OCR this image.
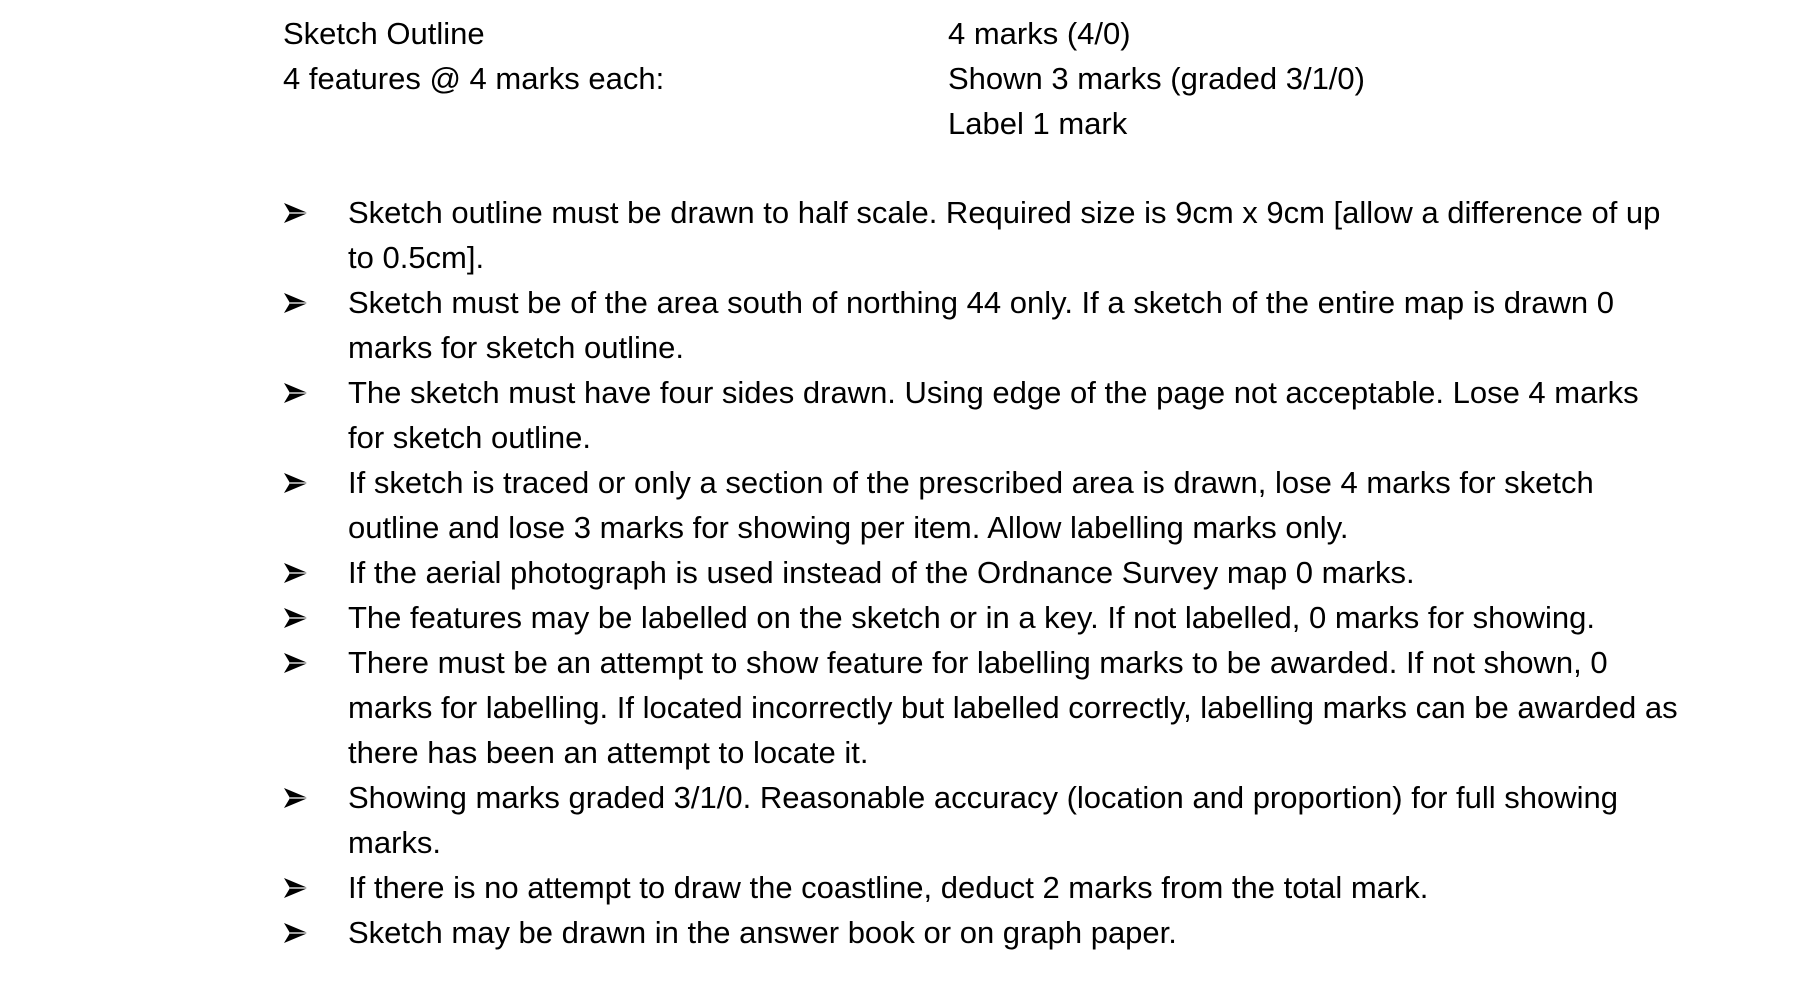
Sketch Outline	4 marks (4/0)
4 features @ 4 marks each:	Shown 3 marks (graded 3/1/0)
Label 1 mark
Sketch outline must be drawn to half scale. Required size is 9cm x 9cm [allow a difference of up to 0.5cm].
Sketch must be of the area south of northing 44 only. If a sketch of the entire map is drawn 0 marks for sketch outline.
The sketch must have four sides drawn. Using edge of the page not acceptable. Lose 4 marks for sketch outline.
If sketch is traced or only a section of the prescribed area is drawn, lose 4 marks for sketch outline and lose 3 marks for showing per item. Allow labelling marks only.
If the aerial photograph is used instead of the Ordnance Survey map 0 marks.
The features may be labelled on the sketch or in a key. If not labelled, 0 marks for showing.
There must be an attempt to show feature for labelling marks to be awarded. If not shown, 0 marks for labelling. If located incorrectly but labelled correctly, labelling marks can be awarded as there has been an attempt to locate it.
Showing marks graded 3/1/0. Reasonable accuracy (location and proportion) for full showing marks.
If there is no attempt to draw the coastline, deduct 2 marks from the total mark.
Sketch may be drawn in the answer book or on graph paper.
